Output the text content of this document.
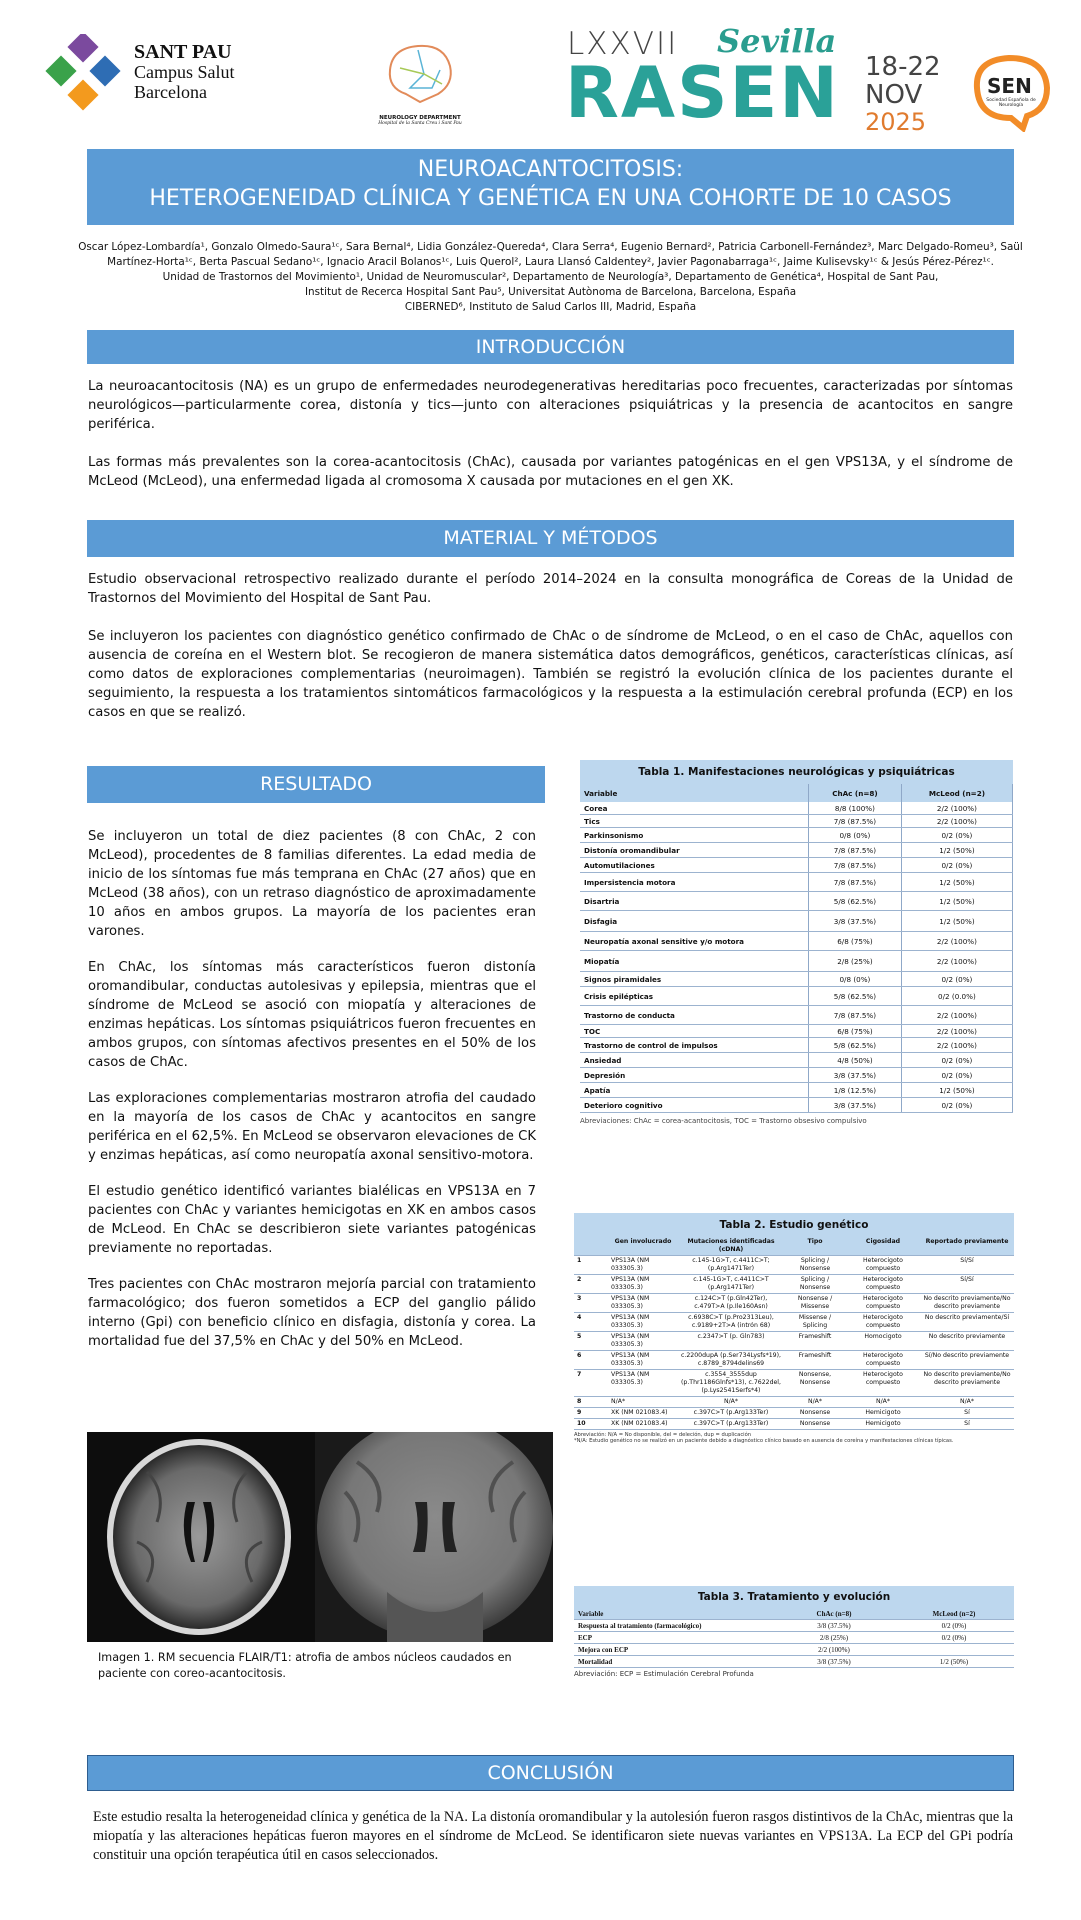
SANT PAU
Campus Salut
Barcelona
NEUROLOGY DEPARTMENT
Hospital de la Santa Creu i Sant Pau
LXXVII Sevilla
RASEN 18-22
NOV
2025
SEN
Sociedad Española de Neurología
NEUROACANTOCITOSIS:
HETEROGENEIDAD CLÍNICA Y GENÉTICA EN UNA COHORTE DE 10 CASOS
Oscar López-Lombardía¹, Gonzalo Olmedo-Saura¹ᶜ, Sara Bernal⁴, Lidia González-Quereda⁴, Clara Serra⁴, Eugenio Bernard², Patricia Carbonell-Fernández³, Marc Delgado-Romeu³, Saül
Martínez-Horta¹ᶜ, Berta Pascual Sedano¹ᶜ, Ignacio Aracil Bolanos¹ᶜ, Luis Querol², Laura Llansó Caldentey², Javier Pagonabarraga¹ᶜ, Jaime Kulisevsky¹ᶜ & Jesús Pérez-Pérez¹ᶜ.
Unidad de Trastornos del Movimiento¹, Unidad de Neuromuscular², Departamento de Neurología³, Departamento de Genética⁴, Hospital de Sant Pau,
Institut de Recerca Hospital Sant Pau⁵, Universitat Autònoma de Barcelona, Barcelona, España
CIBERNED⁶, Instituto de Salud Carlos III, Madrid, España
INTRODUCCIÓN

La neuroacantocitosis (NA) es un grupo de enfermedades neurodegenerativas hereditarias poco frecuentes, caracterizadas por síntomas neurológicos—particularmente corea, distonía y tics—junto con alteraciones psiquiátricas y la presencia de acantocitos en sangre periférica.

Las formas más prevalentes son la corea-acantocitosis (ChAc), causada por variantes patogénicas en el gen VPS13A, y el síndrome de McLeod (McLeod), una enfermedad ligada al cromosoma X causada por mutaciones en el gen XK.

MATERIAL Y MÉTODOS

Estudio observacional retrospectivo realizado durante el período 2014–2024 en la consulta monográfica de Coreas de la Unidad de Trastornos del Movimiento del Hospital de Sant Pau.

Se incluyeron los pacientes con diagnóstico genético confirmado de ChAc o de síndrome de McLeod, o en el caso de ChAc, aquellos con ausencia de coreína en el Western blot. Se recogieron de manera sistemática datos demográficos, genéticos, características clínicas, así como datos de exploraciones complementarias (neuroimagen). También se registró la evolución clínica de los pacientes durante el seguimiento, la respuesta a los tratamientos sintomáticos farmacológicos y la respuesta a la estimulación cerebral profunda (ECP) en los casos en que se realizó.

RESULTADO

Se incluyeron un total de diez pacientes (8 con ChAc, 2 con McLeod), procedentes de 8 familias diferentes. La edad media de inicio de los síntomas fue más temprana en ChAc (27 años) que en McLeod (38 años), con un retraso diagnóstico de aproximadamente 10 años en ambos grupos. La mayoría de los pacientes eran varones.

En ChAc, los síntomas más característicos fueron distonía oromandibular, conductas autolesivas y epilepsia, mientras que el síndrome de McLeod se asoció con miopatía y alteraciones de enzimas hepáticas. Los síntomas psiquiátricos fueron frecuentes en ambos grupos, con síntomas afectivos presentes en el 50% de los casos de ChAc.

Las exploraciones complementarias mostraron atrofia del caudado en la mayoría de los casos de ChAc y acantocitos en sangre periférica en el 62,5%. En McLeod se observaron elevaciones de CK y enzimas hepáticas, así como neuropatía axonal sensitivo-motora.

El estudio genético identificó variantes bialélicas en VPS13A en 7 pacientes con ChAc y variantes hemicigotas en XK en ambos casos de McLeod. En ChAc se describieron siete variantes patogénicas previamente no reportadas.

Tres pacientes con ChAc mostraron mejoría parcial con tratamiento farmacológico; dos fueron sometidos a ECP del ganglio pálido interno (Gpi) con beneficio clínico en disfagia, distonía y corea. La mortalidad fue del 37,5% en ChAc y del 50% en McLeod.

Imagen 1. RM secuencia FLAIR/T1: atrofia de ambos núcleos caudados en
paciente con coreo-acantocitosis.
Tabla 1. Manifestaciones neurológicas y psiquiátricas
Variable	ChAc (n=8)	McLeod (n=2)
Corea	8/8 (100%)	2/2 (100%)
Tics	7/8 (87.5%)	2/2 (100%)
Parkinsonismo	0/8 (0%)	0/2 (0%)
Distonía oromandibular	7/8 (87.5%)	1/2 (50%)
Automutilaciones	7/8 (87.5%)	0/2 (0%)
Impersistencia motora	7/8 (87.5%)	1/2 (50%)
Disartria	5/8 (62.5%)	1/2 (50%)
Disfagia	3/8 (37.5%)	1/2 (50%)
Neuropatía axonal sensitive y/o motora	6/8 (75%)	2/2 (100%)
Miopatía	2/8 (25%)	2/2 (100%)
Signos piramidales	0/8 (0%)	0/2 (0%)
Crisis epilépticas	5/8 (62.5%)	0/2 (0.0%)
Trastorno de conducta	7/8 (87.5%)	2/2 (100%)
TOC	6/8 (75%)	2/2 (100%)
Trastorno de control de impulsos	5/8 (62.5%)	2/2 (100%)
Ansiedad	4/8 (50%)	0/2 (0%)
Depresión	3/8 (37.5%)	0/2 (0%)
Apatía	1/8 (12.5%)	1/2 (50%)
Deterioro cognitivo	3/8 (37.5%)	0/2 (0%)
Abreviaciones: ChAc = corea-acantocitosis, TOC = Trastorno obsesivo compulsivo
Tabla 2. Estudio genético
	Gen involucrado	Mutaciones identificadas (cDNA)	Tipo	Cigosidad	Reportado previamente
1	VPS13A (NM 033305.3)	c.145-1G>T, c.4411C>T; (p.Arg1471Ter)	Splicing / Nonsense	Heterocigoto compuesto	Sí/Sí
2	VPS13A (NM 033305.3)	c.145-1G>T, c.4411C>T (p.Arg1471Ter)	Splicing / Nonsense	Heterocigoto compuesto	Sí/Sí
3	VPS13A (NM 033305.3)	c.124C>T (p.Gln42Ter), c.479T>A (p.Ile160Asn)	Nonsense / Missense	Heterocigoto compuesto	No descrito previamente/No descrito previamente
4	VPS13A (NM 033305.3)	c.6938C>T (p.Pro2313Leu), c.9189+2T>A (intrón 68)	Missense / Splicing	Heterocigoto compuesto	No descrito previamente/Sí
5	VPS13A (NM 033305.3)	c.2347>T (p. Gln783)	Frameshift	Homocigoto	No descrito previamente
6	VPS13A (NM 033305.3)	c.2200dupA (p.Ser734Lysfs*19), c.8789_8794delins69	Frameshift	Heterocigoto compuesto	Sí/No descrito previamente
7	VPS13A (NM 033305.3)	c.3554_3555dup (p.Thr1186Glnfs*13), c.7622del, (p.Lys2541Serfs*4)	Nonsense, Nonsense	Heterocigoto compuesto	No descrito previamente/No descrito previamente
8	N/A*	N/A*	N/A*	N/A*	N/A*
9	XK (NM 021083.4)	c.397C>T (p.Arg133Ter)	Nonsense	Hemicigoto	Sí
10	XK (NM 021083.4)	c.397C>T (p.Arg133Ter)	Nonsense	Hemicigoto	Sí
Abreviación: N/A = No disponible, del = deleción, dup = duplicación
*N/A: Estudio genético no se realizó en un paciente debido a diagnóstico clínico basado en ausencia de coreína y manifestaciones clínicas típicas.
Tabla 3. Tratamiento y evolución
Variable	ChAc (n=8)	McLeod (n=2)
Respuesta al tratamiento (farmacológico)	3/8 (37.5%)	0/2 (0%)
ECP	2/8 (25%)	0/2 (0%)
Mejora con ECP	2/2 (100%)	
Mortalidad	3/8 (37.5%)	1/2 (50%)
Abreviación: ECP = Estimulación Cerebral Profunda
CONCLUSIÓN
Este estudio resalta la heterogeneidad clínica y genética de la NA. La distonía oromandibular y la autolesión fueron rasgos distintivos de la ChAc, mientras que la miopatía y las alteraciones hepáticas fueron mayores en el síndrome de McLeod. Se identificaron siete nuevas variantes en VPS13A. La ECP del GPi podría constituir una opción terapéutica útil en casos seleccionados.
